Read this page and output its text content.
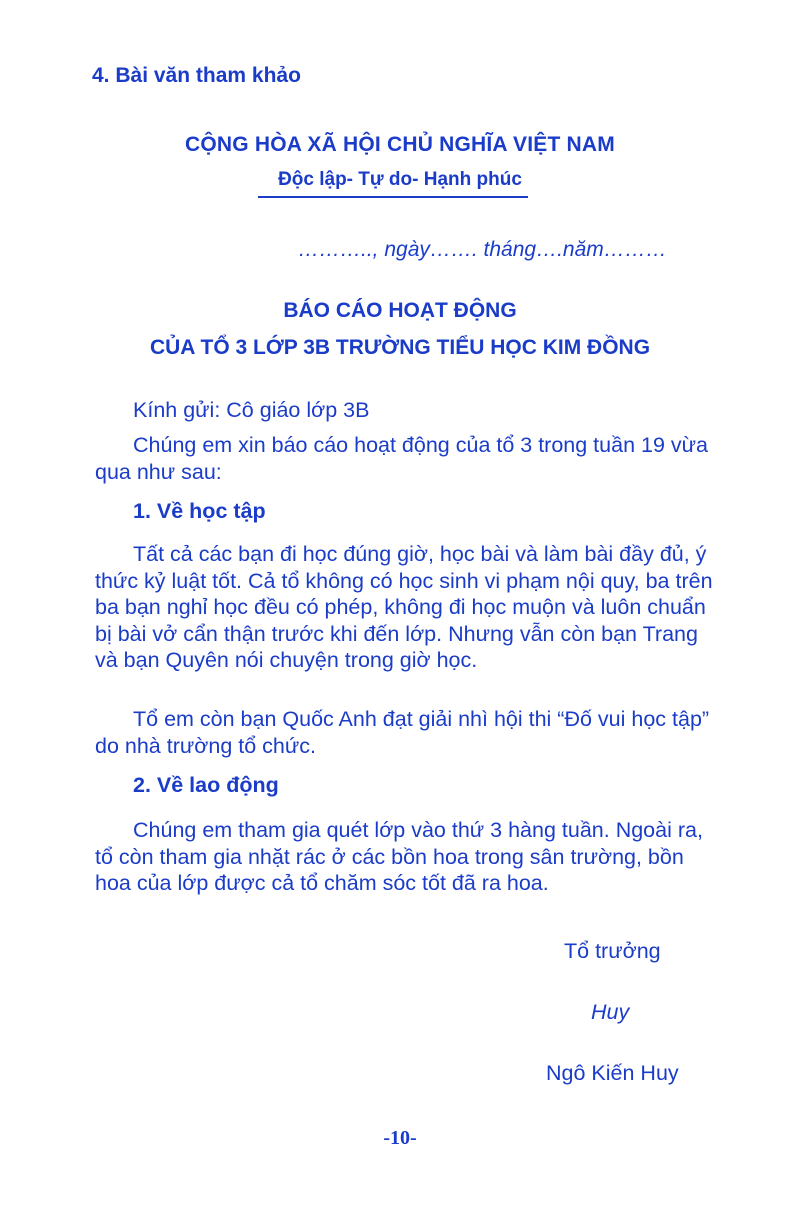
4. Bài văn tham khảo
CỘNG HÒA XÃ HỘI CHỦ NGHĨA VIỆT NAM
Độc lập- Tự do- Hạnh phúc
……….., ngày……. tháng….năm………
BÁO CÁO HOẠT ĐỘNG
CỦA TỔ 3 LỚP 3B TRƯỜNG TIỂU HỌC KIM ĐỒNG
Kính gửi: Cô giáo lớp 3B
Chúng em xin báo cáo hoạt động của tổ 3 trong tuần 19 vừa qua như sau:
1. Về học tập
Tất cả các bạn đi học đúng giờ, học bài và làm bài đầy đủ, ý thức kỷ luật tốt. Cả tổ không có học sinh vi phạm nội quy, ba trên ba bạn nghỉ học đều có phép, không đi học muộn và luôn chuẩn bị bài vở cẩn thận trước khi đến lớp. Nhưng vẫn còn bạn Trang và bạn Quyên nói chuyện trong giờ học.
Tổ em còn bạn Quốc Anh đạt giải nhì hội thi “Đố vui học tập” do nhà trường tổ chức.
2. Về lao động
Chúng em tham gia quét lớp vào thứ 3 hàng tuần. Ngoài ra, tổ còn tham gia nhặt rác ở các bồn hoa trong sân trường, bồn hoa của lớp được cả tổ chăm sóc tốt đã ra hoa.
Tổ trưởng
Huy
Ngô Kiến Huy
-10-
